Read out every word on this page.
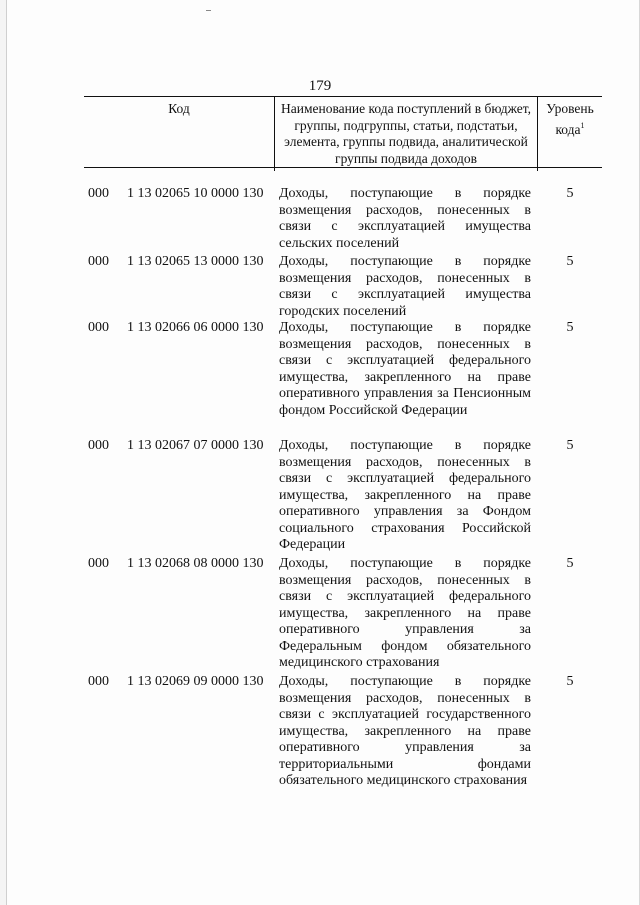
179
Код	Наименование кода поступлений в бюджет, группы, подгруппы, статьи, подстатьи, элемента, группы подвида, аналитической группы подвида доходов
Уровень
кода$^1$
000 1 13 02065 10 0000 130 Доходы, поступающие в порядке возмещения расходов, понесенных в связи с эксплуатацией имущества сельских поселений
5
000 1 13 02065 13 0000 130 Доходы, поступающие в порядке возмещения расходов, понесенных в связи с эксплуатацией имущества городских поселений
5
000 1 13 02066 06 0000 130 Доходы, поступающие в порядке возмещения расходов, понесенных в связи с эксплуатацией федерального имущества, закрепленного на праве оперативного управления за Пенсионным фондом Российской Федерации
5
000 1 13 02067 07 0000 130 Доходы, поступающие в порядке возмещения расходов, понесенных в связи с эксплуатацией федерального имущества, закрепленного на праве оперативного управления за Фондом социального страхования Российской Федерации
5
000 1 13 02068 08 0000 130 Доходы, поступающие в порядке возмещения расходов, понесенных в связи с эксплуатацией федерального имущества, закрепленного на праве оперативного управления за Федеральным фондом обязательного медицинского страхования
5
000 1 13 02069 09 0000 130 Доходы, поступающие в порядке возмещения расходов, понесенных в связи с эксплуатацией государственного имущества, закрепленного на праве оперативного управления за территориальными фондами обязательного медицинского страхования
5
